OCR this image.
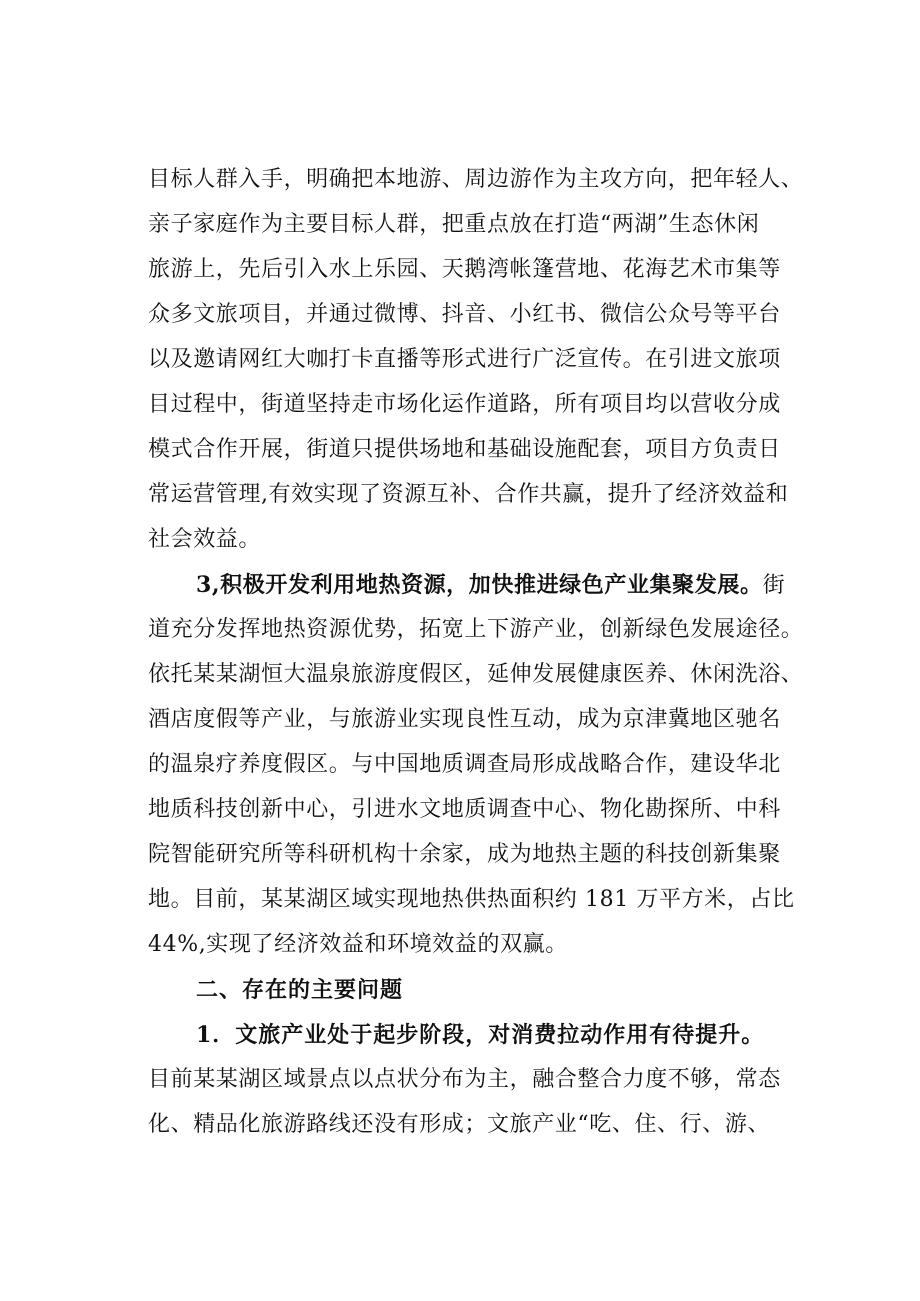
目标人群入手，明确把本地游、周边游作为主攻方向，把年轻人、
亲子家庭作为主要目标人群，把重点放在打造“两湖”生态休闲
旅游上，先后引入水上乐园、天鹅湾帐篷营地、花海艺术市集等
众多文旅项目，并通过微博、抖音、小红书、微信公众号等平台
以及邀请网红大咖打卡直播等形式进行广泛宣传。在引进文旅项
目过程中，街道坚持走市场化运作道路，所有项目均以营收分成
模式合作开展，街道只提供场地和基础设施配套，项目方负责日
常运营管理,有效实现了资源互补、合作共赢，提升了经济效益和
社会效益。
3,积极开发利用地热资源，加快推进绿色产业集聚发展。街
道充分发挥地热资源优势，拓宽上下游产业，创新绿色发展途径。
依托某某湖恒大温泉旅游度假区，延伸发展健康医养、休闲洗浴、
酒店度假等产业，与旅游业实现良性互动，成为京津冀地区驰名
的温泉疗养度假区。与中国地质调查局形成战略合作，建设华北
地质科技创新中心，引进水文地质调查中心、物化勘探所、中科
院智能研究所等科研机构十余家，成为地热主题的科技创新集聚
地。目前，某某湖区域实现地热供热面积约 181 万平方米，占比
44%,实现了经济效益和环境效益的双赢。
二、存在的主要问题
1．文旅产业处于起步阶段，对消费拉动作用有待提升。
目前某某湖区域景点以点状分布为主，融合整合力度不够，常态
化、精品化旅游路线还没有形成；文旅产业“吃、住、行、游、
